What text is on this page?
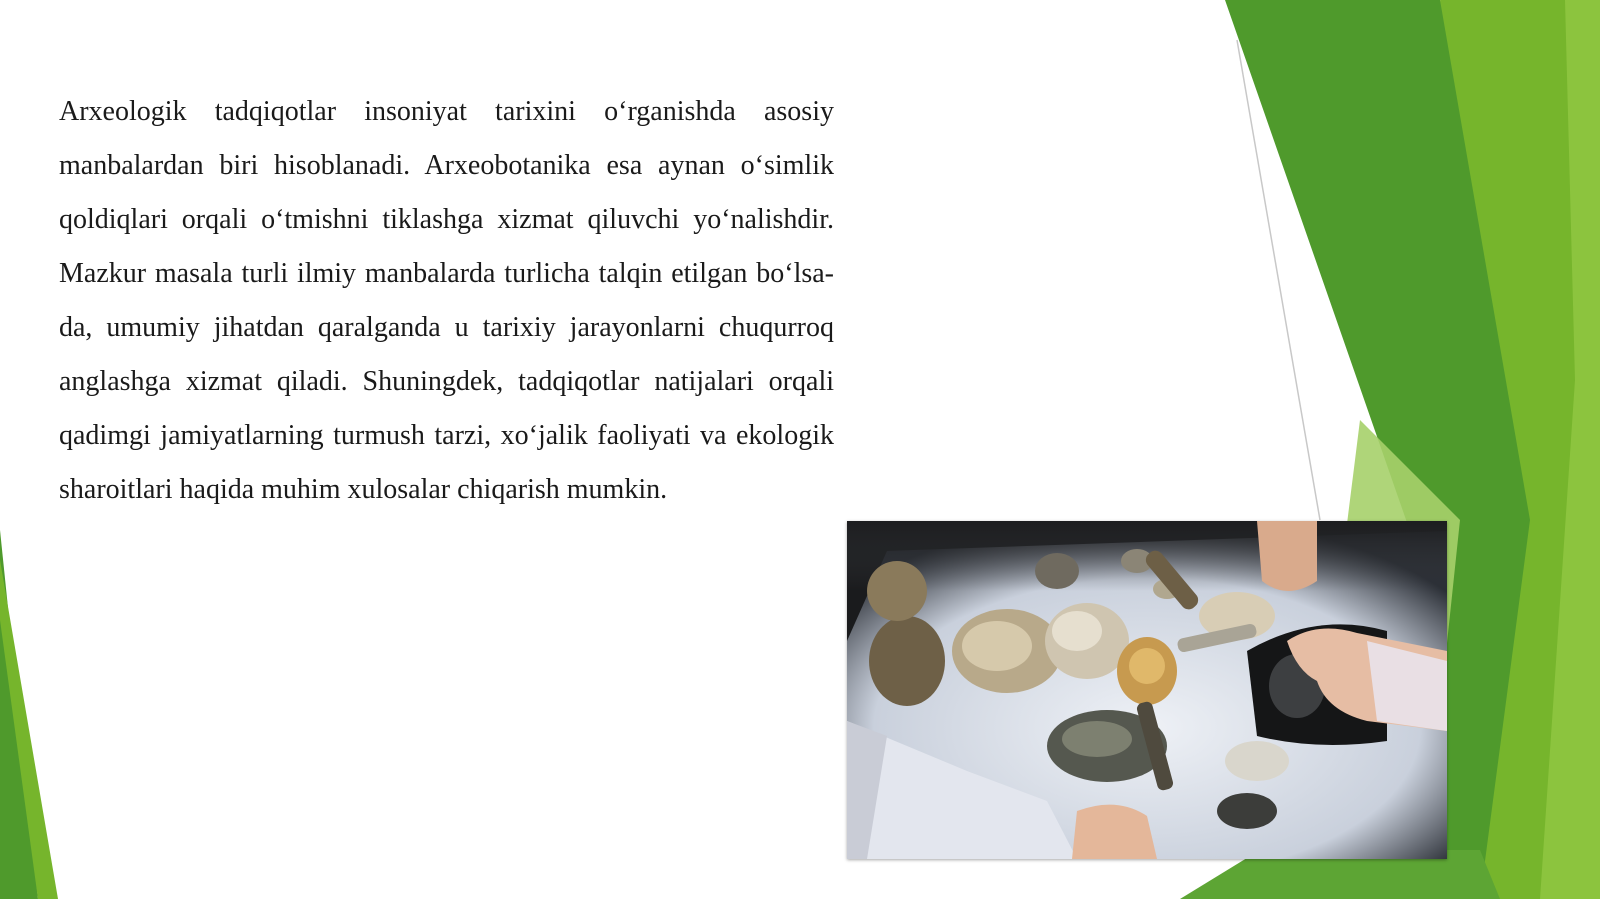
Arxeologik tadqiqotlar insoniyat tarixini o‘rganishda asosiy manbalardan biri hisoblanadi. Arxeobotanika esa aynan o‘simlik qoldiqlari orqali o‘tmishni tiklashga xizmat qiluvchi yo‘nalishdir. Mazkur masala turli ilmiy manbalarda turlicha talqin etilgan bo‘lsa-da, umumiy jihatdan qaralganda u tarixiy jarayonlarni chuqurroq anglashga xizmat qiladi. Shuningdek, tadqiqotlar natijalari orqali qadimgi jamiyatlarning turmush tarzi, xo‘jalik faoliyati va ekologik sharoitlari haqida muhim xulosalar chiqarish mumkin.
